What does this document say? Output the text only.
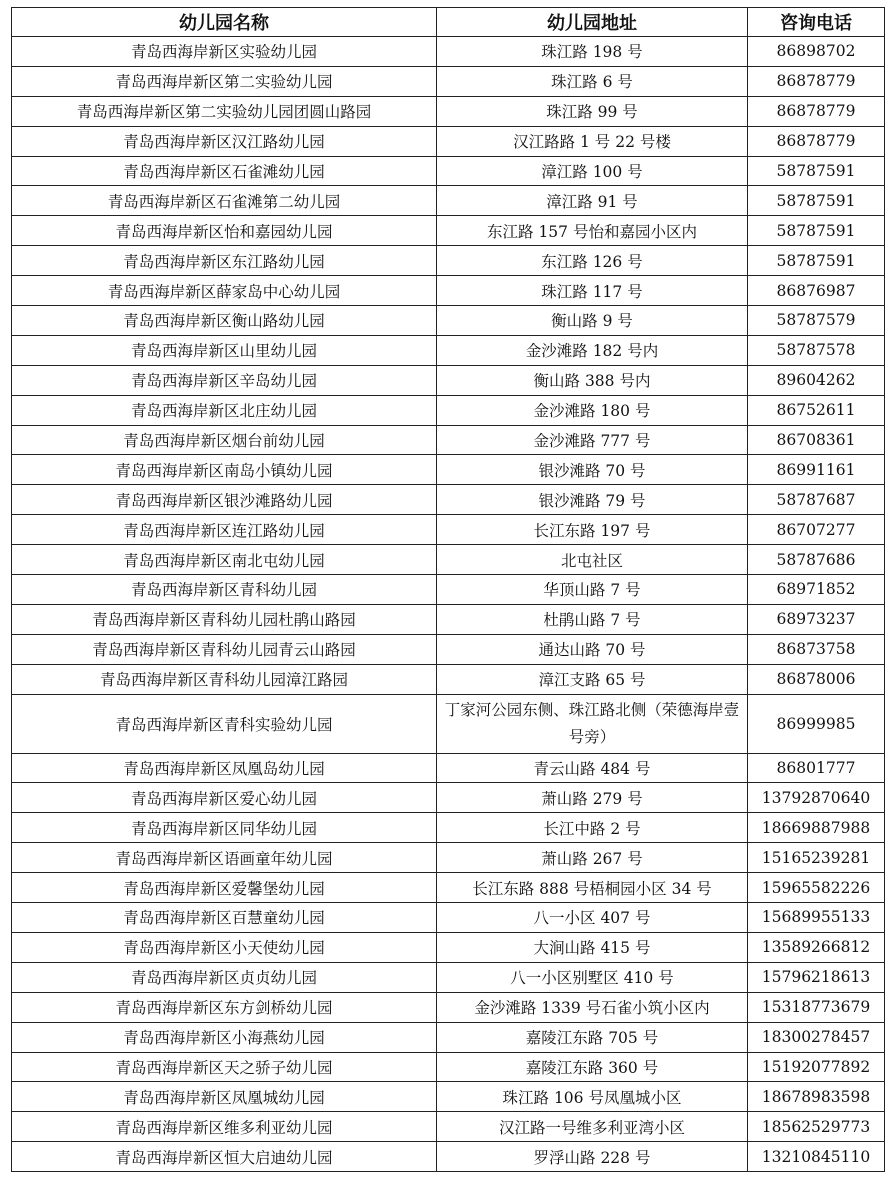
幼儿园名称	幼儿园地址	咨询电话
青岛西海岸新区实验幼儿园	珠江路 198 号	86898702
青岛西海岸新区第二实验幼儿园	珠江路 6 号	86878779
青岛西海岸新区第二实验幼儿园团圆山路园	珠江路 99 号	86878779
青岛西海岸新区汉江路幼儿园	汉江路路 1 号 22 号楼	86878779
青岛西海岸新区石雀滩幼儿园	漳江路 100 号	58787591
青岛西海岸新区石雀滩第二幼儿园	漳江路 91 号	58787591
青岛西海岸新区怡和嘉园幼儿园	东江路 157 号怡和嘉园小区内	58787591
青岛西海岸新区东江路幼儿园	东江路 126 号	58787591
青岛西海岸新区薛家岛中心幼儿园	珠江路 117 号	86876987
青岛西海岸新区衡山路幼儿园	衡山路 9 号	58787579
青岛西海岸新区山里幼儿园	金沙滩路 182 号内	58787578
青岛西海岸新区辛岛幼儿园	衡山路 388 号内	89604262
青岛西海岸新区北庄幼儿园	金沙滩路 180 号	86752611
青岛西海岸新区烟台前幼儿园	金沙滩路 777 号	86708361
青岛西海岸新区南岛小镇幼儿园	银沙滩路 70 号	86991161
青岛西海岸新区银沙滩路幼儿园	银沙滩路 79 号	58787687
青岛西海岸新区连江路幼儿园	长江东路 197 号	86707277
青岛西海岸新区南北屯幼儿园	北屯社区	58787686
青岛西海岸新区青科幼儿园	华顶山路 7 号	68971852
青岛西海岸新区青科幼儿园杜鹃山路园	杜鹃山路 7 号	68973237
青岛西海岸新区青科幼儿园青云山路园	通达山路 70 号	86873758
青岛西海岸新区青科幼儿园漳江路园	漳江支路 65 号	86878006
青岛西海岸新区青科实验幼儿园	丁家河公园东侧、珠江路北侧（荣德海岸壹号旁）	86999985
青岛西海岸新区凤凰岛幼儿园	青云山路 484 号	86801777
青岛西海岸新区爱心幼儿园	萧山路 279 号	13792870640
青岛西海岸新区同华幼儿园	长江中路 2 号	18669887988
青岛西海岸新区语画童年幼儿园	萧山路 267 号	15165239281
青岛西海岸新区爱馨堡幼儿园	长江东路 888 号梧桐园小区 34 号	15965582226
青岛西海岸新区百慧童幼儿园	八一小区 407 号	15689955133
青岛西海岸新区小天使幼儿园	大涧山路 415 号	13589266812
青岛西海岸新区贞贞幼儿园	八一小区别墅区 410 号	15796218613
青岛西海岸新区东方剑桥幼儿园	金沙滩路 1339 号石雀小筑小区内	15318773679
青岛西海岸新区小海燕幼儿园	嘉陵江东路 705 号	18300278457
青岛西海岸新区天之骄子幼儿园	嘉陵江东路 360 号	15192077892
青岛西海岸新区凤凰城幼儿园	珠江路 106 号凤凰城小区	18678983598
青岛西海岸新区维多利亚幼儿园	汉江路一号维多利亚湾小区	18562529773
青岛西海岸新区恒大启迪幼儿园	罗浮山路 228 号	13210845110
